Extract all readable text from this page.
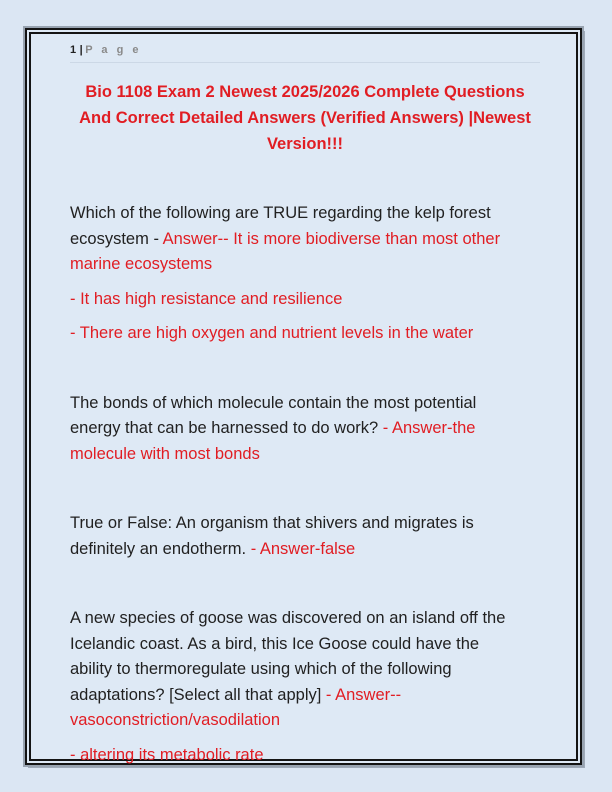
1 | P a g e
Bio 1108 Exam 2 Newest 2025/2026 Complete Questions And Correct Detailed Answers (Verified Answers) |Newest Version!!!

Which of the following are TRUE regarding the kelp forest ecosystem - Answer-- It is more biodiverse than most other marine ecosystems

- It has high resistance and resilience

- There are high oxygen and nutrient levels in the water

The bonds of which molecule contain the most potential energy that can be harnessed to do work? - Answer-the molecule with most bonds

True or False: An organism that shivers and migrates is definitely an endotherm. - Answer-false

A new species of goose was discovered on an island off the Icelandic coast. As a bird, this Ice Goose could have the ability to thermoregulate using which of the following adaptations? [Select all that apply] - Answer-- vasoconstriction/vasodilation

- altering its metabolic rate
